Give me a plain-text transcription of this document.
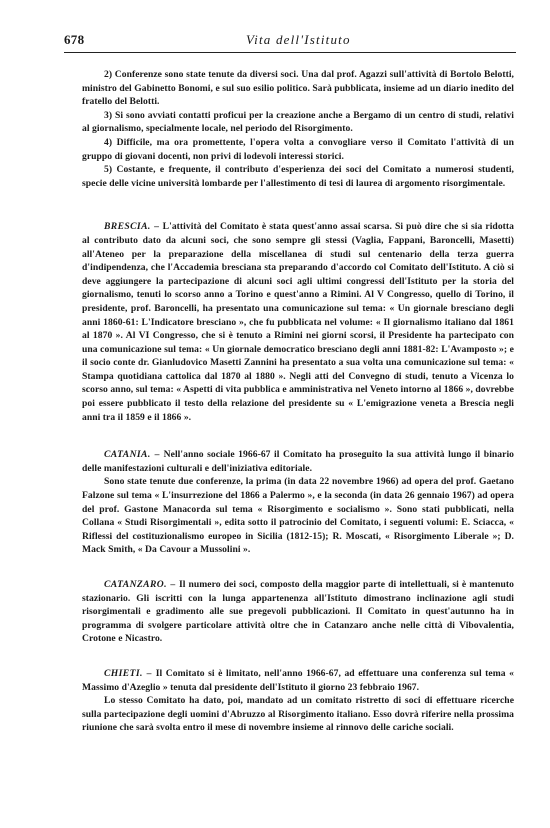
678	Vita dell'Istituto

2) Conferenze sono state tenute da diversi soci. Una dal prof. Agazzi sull'attività di Bortolo Belotti, ministro del Gabinetto Bonomi, e sul suo esilio politico. Sarà pubblicata, insieme ad un diario inedito del fratello del Belotti.

3) Si sono avviati contatti proficui per la creazione anche a Bergamo di un centro di studi, relativi al giornalismo, specialmente locale, nel periodo del Risorgimento.

4) Difficile, ma ora promettente, l'opera volta a convogliare verso il Comitato l'attività di un gruppo di giovani docenti, non privi di lodevoli interessi storici.

5) Costante, e frequente, il contributo d'esperienza dei soci del Comitato a numerosi studenti, specie delle vicine università lombarde per l'allestimento di tesi di laurea di argomento risorgimentale.

BRESCIA. – L'attività del Comitato è stata quest'anno assai scarsa. Si può dire che si sia ridotta al contributo dato da alcuni soci, che sono sempre gli stessi (Vaglia, Fappani, Baroncelli, Masetti) all'Ateneo per la preparazione della miscellanea di studi sul centenario della terza guerra d'indipendenza, che l'Accademia bresciana sta preparando d'accordo col Comitato dell'Istituto. A ciò si deve aggiungere la partecipazione di alcuni soci agli ultimi congressi dell'Istituto per la storia del giornalismo, tenuti lo scorso anno a Torino e quest'anno a Rimini. Al V Congresso, quello di Torino, il presidente, prof. Baroncelli, ha presentato una comunicazione sul tema: « Un giornale bresciano degli anni 1860-61: L'Indicatore bresciano », che fu pubblicata nel volume: « Il giornalismo italiano dal 1861 al 1870 ». Al VI Congresso, che si è tenuto a Rimini nei giorni scorsi, il Presidente ha partecipato con una comunicazione sul tema: « Un giornale democratico bresciano degli anni 1881-82: L'Avamposto »; e il socio conte dr. Gianludovico Masetti Zannini ha presentato a sua volta una comunicazione sul tema: « Stampa quotidiana cattolica dal 1870 al 1880 ». Negli atti del Convegno di studi, tenuto a Vicenza lo scorso anno, sul tema: « Aspetti di vita pubblica e amministrativa nel Veneto intorno al 1866 », dovrebbe poi essere pubblicato il testo della relazione del presidente su « L'emigrazione veneta a Brescia negli anni tra il 1859 e il 1866 ».

CATANIA. – Nell'anno sociale 1966-67 il Comitato ha proseguito la sua attività lungo il binario delle manifestazioni culturali e dell'iniziativa editoriale.

Sono state tenute due conferenze, la prima (in data 22 novembre 1966) ad opera del prof. Gaetano Falzone sul tema « L'insurrezione del 1866 a Palermo », e la seconda (in data 26 gennaio 1967) ad opera del prof. Gastone Manacorda sul tema « Risorgimento e socialismo ». Sono stati pubblicati, nella Collana « Studi Risorgimentali », edita sotto il patrocinio del Comitato, i seguenti volumi: E. Sciacca, « Riflessi del costituzionalismo europeo in Sicilia (1812-15); R. Moscati, « Risorgimento Liberale »; D. Mack Smith, « Da Cavour a Mussolini ».

CATANZARO. – Il numero dei soci, composto della maggior parte di intellettuali, si è mantenuto stazionario. Gli iscritti con la lunga appartenenza all'Istituto dimostrano inclinazione agli studi risorgimentali e gradimento alle sue pregevoli pubblicazioni. Il Comitato in quest'autunno ha in programma di svolgere particolare attività oltre che in Catanzaro anche nelle città di Vibovalentia, Crotone e Nicastro.

CHIETI. – Il Comitato si è limitato, nell'anno 1966-67, ad effettuare una conferenza sul tema « Massimo d'Azeglio » tenuta dal presidente dell'Istituto il giorno 23 febbraio 1967.

Lo stesso Comitato ha dato, poi, mandato ad un comitato ristretto di soci di effettuare ricerche sulla partecipazione degli uomini d'Abruzzo al Risorgimento italiano. Esso dovrà riferire nella prossima riunione che sarà svolta entro il mese di novembre insieme al rinnovo delle cariche sociali.
